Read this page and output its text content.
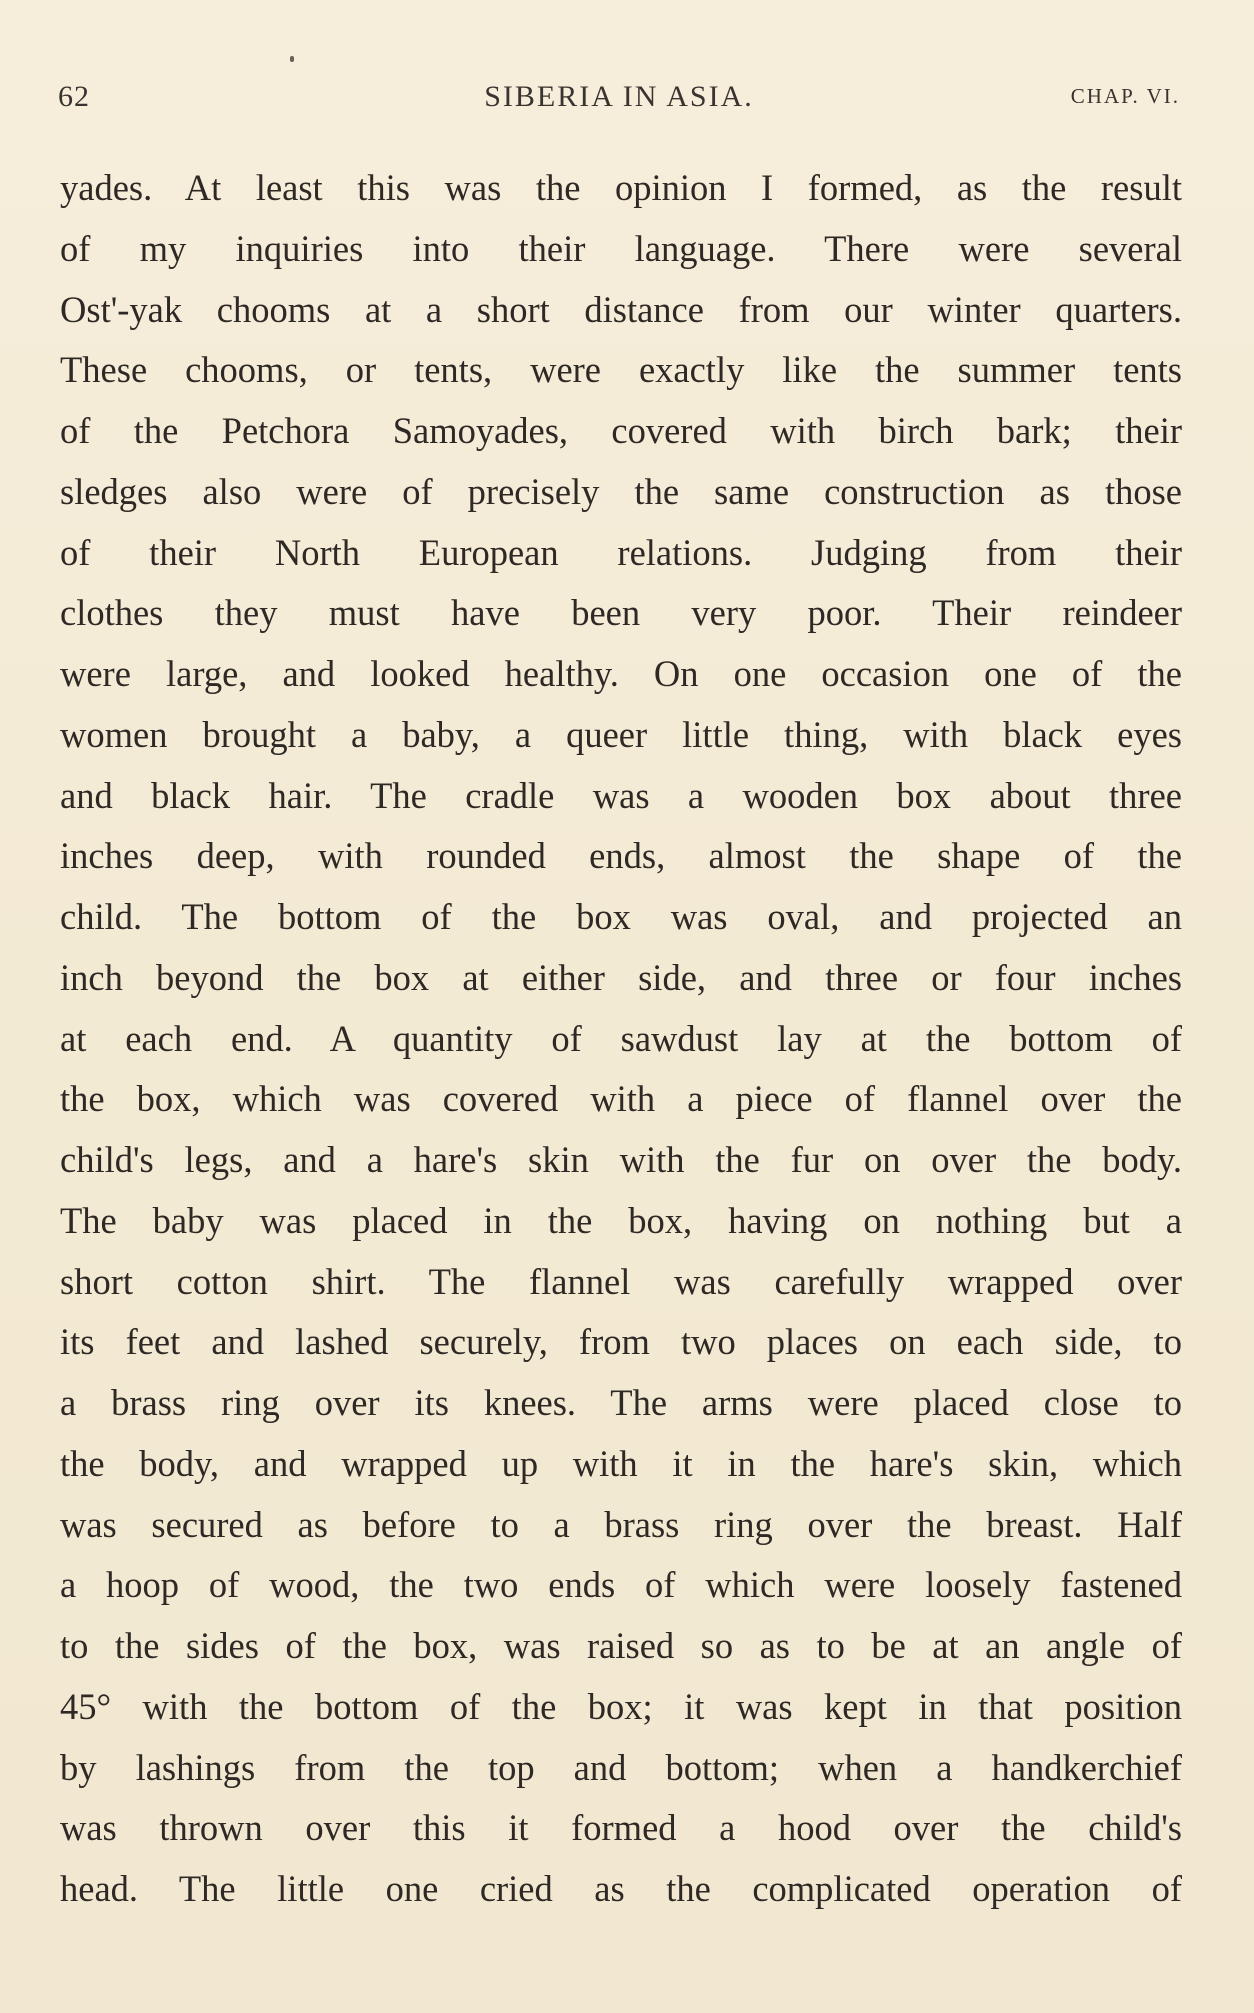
62	SIBERIA IN ASIA.	CHAP. VI.
yades. At least this was the opinion I formed, as the result
of my inquiries into their language. There were several
Ost'-yak chooms at a short distance from our winter quarters.
These chooms, or tents, were exactly like the summer tents
of the Petchora Samoyades, covered with birch bark; their
sledges also were of precisely the same construction as those
of their North European relations. Judging from their
clothes they must have been very poor. Their reindeer
were large, and looked healthy. On one occasion one of the
women brought a baby, a queer little thing, with black eyes
and black hair. The cradle was a wooden box about three
inches deep, with rounded ends, almost the shape of the
child. The bottom of the box was oval, and projected an
inch beyond the box at either side, and three or four inches
at each end. A quantity of sawdust lay at the bottom of
the box, which was covered with a piece of flannel over the
child's legs, and a hare's skin with the fur on over the body.
The baby was placed in the box, having on nothing but a
short cotton shirt. The flannel was carefully wrapped over
its feet and lashed securely, from two places on each side, to
a brass ring over its knees. The arms were placed close to
the body, and wrapped up with it in the hare's skin, which
was secured as before to a brass ring over the breast. Half
a hoop of wood, the two ends of which were loosely fastened
to the sides of the box, was raised so as to be at an angle of
45° with the bottom of the box; it was kept in that position
by lashings from the top and bottom; when a handkerchief
was thrown over this it formed a hood over the child's
head. The little one cried as the complicated operation of
